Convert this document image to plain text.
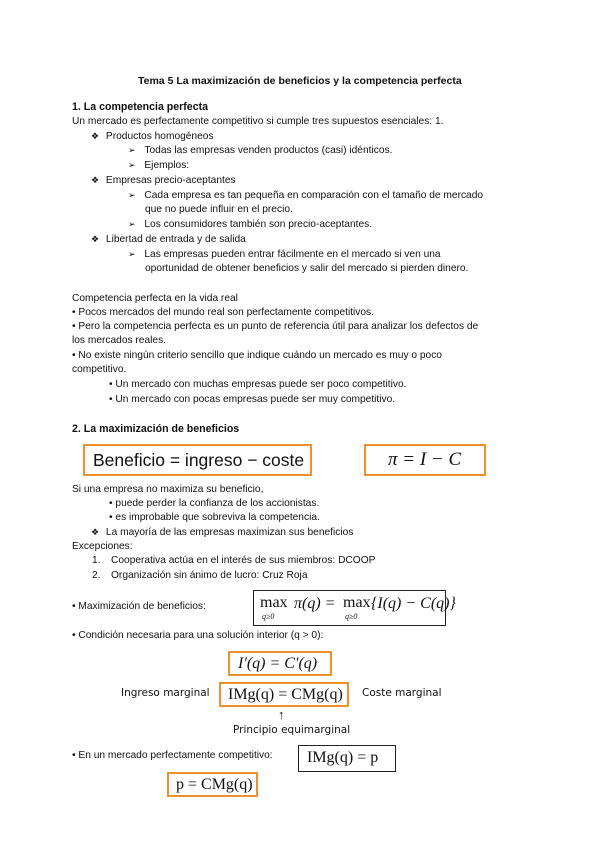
Tema 5 La maximización de beneficios y la competencia perfecta
1. La competencia perfecta
Un mercado es perfectamente competitivo si cumple tres supuestos esenciales: 1.
❖ Productos homogéneos
➢ Todas las empresas venden productos (casi) idénticos.
➢ Ejemplos:
❖ Empresas precio-aceptantes
➢ Cada empresa es tan pequeña en comparación con el tamaño de mercado
que no puede influir en el precio.
➢ Los consumidores también son precio-aceptantes.
❖ Libertad de entrada y de salida
➢ Las empresas pueden entrar fácilmente en el mercado si ven una
oportunidad de obtener beneficios y salir del mercado si pierden dinero.
Competencia perfecta en la vida real
• Pocos mercados del mundo real son perfectamente competitivos.
• Pero la competencia perfecta es un punto de referencia útil para analizar los defectos de
los mercados reales.
• No existe ningún criterio sencillo que indique cuándo un mercado es muy o poco
competitivo.
• Un mercado con muchas empresas puede ser poco competitivo.
• Un mercado con pocas empresas puede ser muy competitivo.
2. La maximización de beneficios
Beneficio = ingreso − coste	π = I − C
Si una empresa no maximiza su beneficio,
• puede perder la confianza de los accionistas.
• es improbable que sobreviva la competencia.
❖ La mayoría de las empresas maximizan sus beneficios
Excepciones:
1. Cooperativa actúa en el interés de sus miembros: DCOOP
2. Organización sin ánimo de lucro: Cruz Roja
• Maximización de beneficios:	max
q≥0
π(q) = max
q≥0
{I(q) − C(q)}
• Condición necesaria para una solución interior (q > 0):
I′(q) = C′(q)
Ingreso marginal IMg(q) = CMg(q) Coste marginal
↑
Principio equimarginal
• En un mercado perfectamente competitivo: IMg(q) = p
p = CMg(q)
